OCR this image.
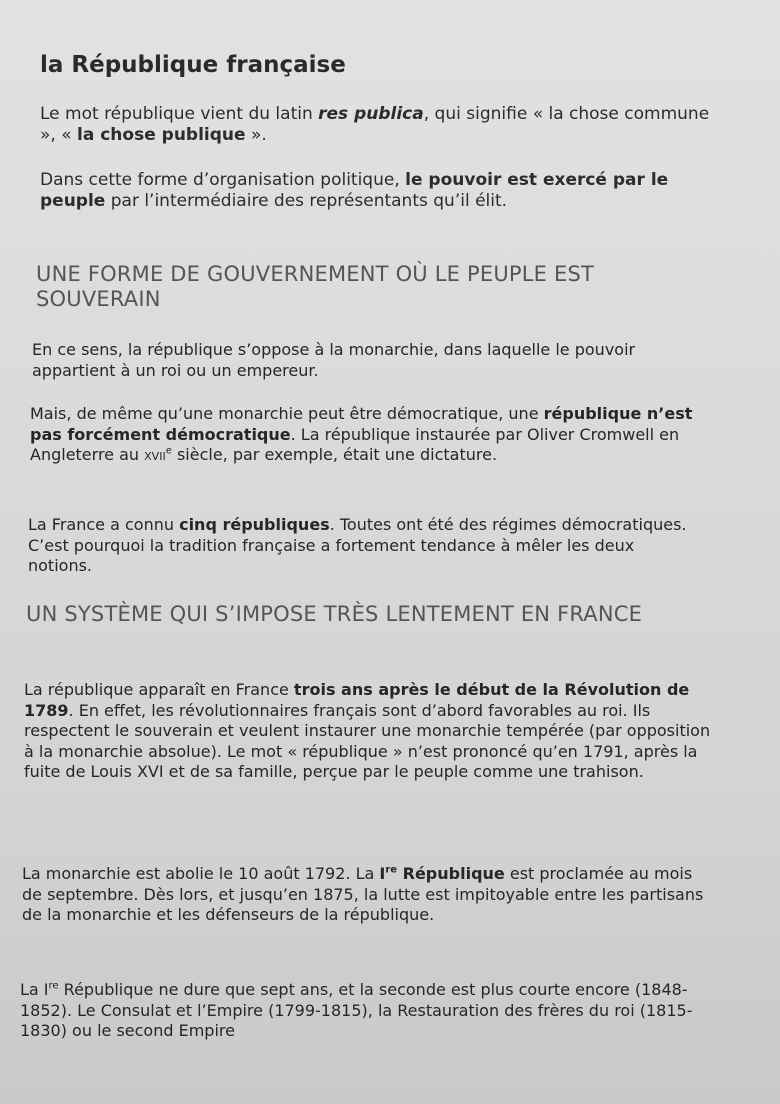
la République française

Le mot république vient du latin res publica, qui signifie « la chose commune », « la chose publique ».

Dans cette forme d’organisation politique, le pouvoir est exercé par le peuple par l’intermédiaire des représentants qu’il élit.

UNE FORME DE GOUVERNEMENT OÙ LE PEUPLE EST SOUVERAIN

En ce sens, la république s’oppose à la monarchie, dans laquelle le pouvoir appartient à un roi ou un empereur.

Mais, de même qu’une monarchie peut être démocratique, une république n’est pas forcément démocratique. La république instaurée par Oliver Cromwell en Angleterre au XVIIe siècle, par exemple, était une dictature.

La France a connu cinq républiques. Toutes ont été des régimes démocratiques. C’est pourquoi la tradition française a fortement tendance à mêler les deux notions.

UN SYSTÈME QUI S’IMPOSE TRÈS LENTEMENT EN FRANCE

La république apparaît en France trois ans après le début de la Révolution de 1789. En effet, les révolutionnaires français sont d’abord favorables au roi. Ils respectent le souverain et veulent instaurer une monarchie tempérée (par opposition à la monarchie absolue). Le mot « république » n’est prononcé qu’en 1791, après la fuite de Louis XVI et de sa famille, perçue par le peuple comme une trahison.

La monarchie est abolie le 10 août 1792. La Ire République est proclamée au mois de septembre. Dès lors, et jusqu’en 1875, la lutte est impitoyable entre les partisans de la monarchie et les défenseurs de la république.

La Ire République ne dure que sept ans, et la seconde est plus courte encore (1848-1852). Le Consulat et l’Empire (1799-1815), la Restauration des frères du roi (1815-1830) ou le second Empire
